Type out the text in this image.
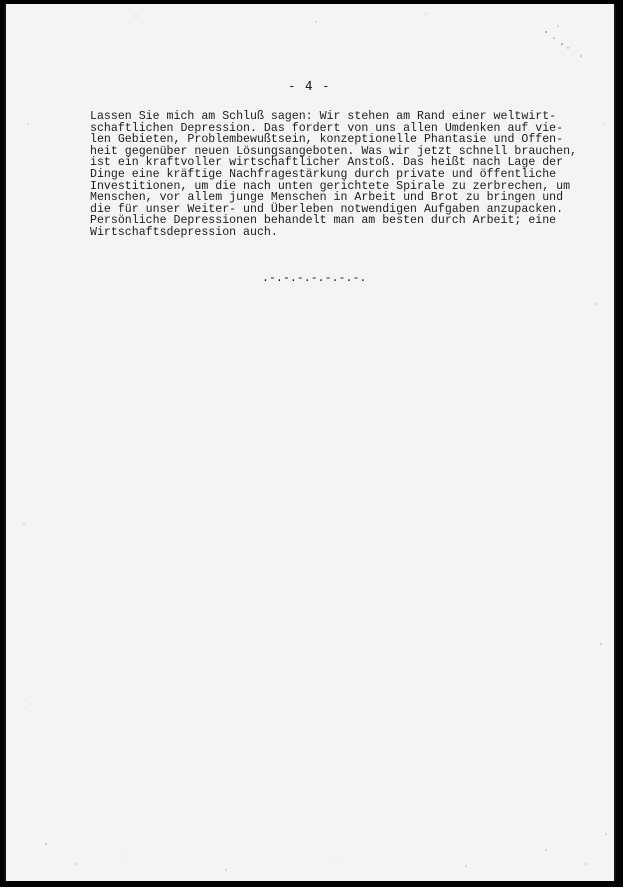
- 4 -
Lassen Sie mich am Schluß sagen: Wir stehen am Rand einer weltwirt-
schaftlichen Depression. Das fordert von uns allen Umdenken auf vie-
len Gebieten, Problembewußtsein, konzeptionelle Phantasie und Offen-
heit gegenüber neuen Lösungsangeboten. Was wir jetzt schnell brauchen,
ist ein kraftvoller wirtschaftlicher Anstoß. Das heißt nach Lage der
Dinge eine kräftige Nachfragestärkung durch private und öffentliche
Investitionen, um die nach unten gerichtete Spirale zu zerbrechen, um
Menschen, vor allem junge Menschen in Arbeit und Brot zu bringen und
die für unser Weiter- und Überleben notwendigen Aufgaben anzupacken.
Persönliche Depressionen behandelt man am besten durch Arbeit; eine
Wirtschaftsdepression auch.
.-.-.-.-.-.-.-.
